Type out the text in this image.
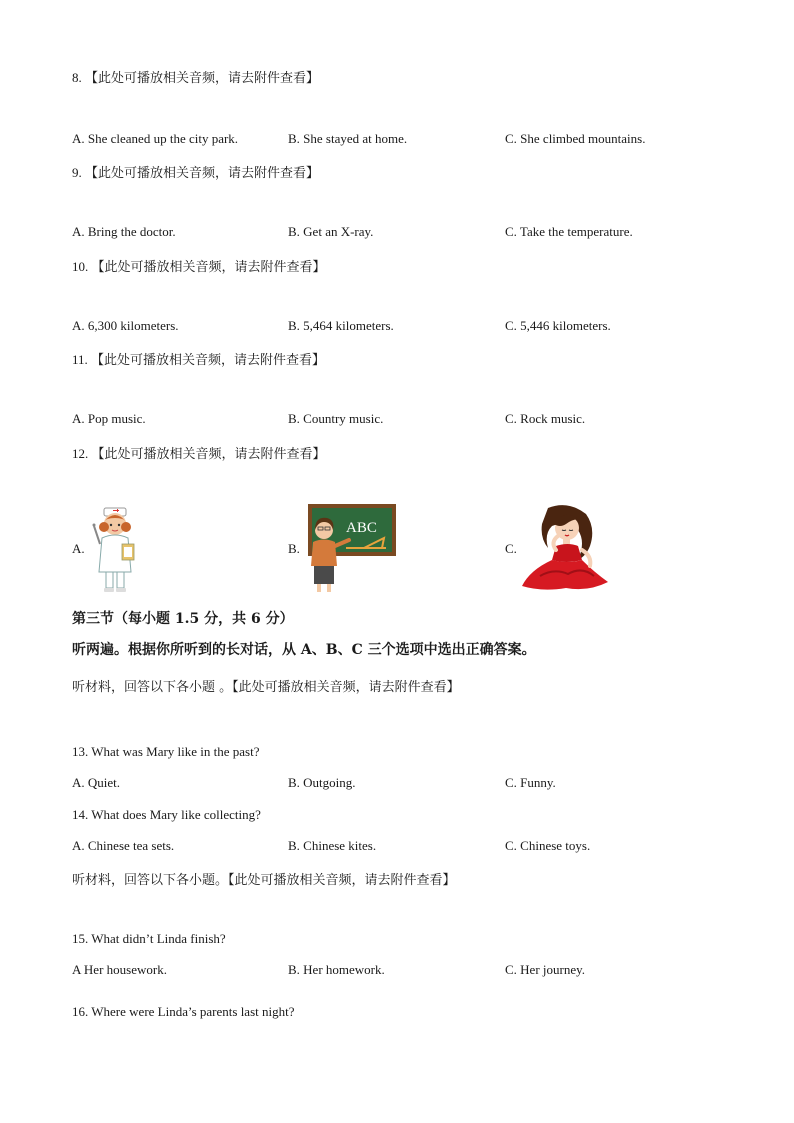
8. 【此处可播放相关音频，请去附件查看】
A. She cleaned up the city park.	B. She stayed at home.	C. She climbed mountains.
9. 【此处可播放相关音频，请去附件查看】
A. Bring the doctor.	B. Get an X-ray.	C. Take the temperature.
10. 【此处可播放相关音频，请去附件查看】
A. 6,300 kilometers.	B. 5,464 kilometers.	C. 5,446 kilometers.
11. 【此处可播放相关音频，请去附件查看】
A. Pop music.	B. Country music.	C. Rock music.
12. 【此处可播放相关音频，请去附件查看】
A.	B.	C.
ABC
第三节（每小题 1.5 分，共 6 分）
听两遍。根据你所听到的长对话，从 A、B、C 三个选项中选出正确答案。
听材料，回答以下各小题 。【此处可播放相关音频，请去附件查看】
13. What was Mary like in the past?
A. Quiet.	B. Outgoing.	C. Funny.
14. What does Mary like collecting?
A. Chinese tea sets.	B. Chinese kites.	C. Chinese toys.
听材料，回答以下各小题。【此处可播放相关音频，请去附件查看】
15. What didn’t Linda finish?
A Her housework.	B. Her homework.	C. Her journey.
16. Where were Linda’s parents last night?
